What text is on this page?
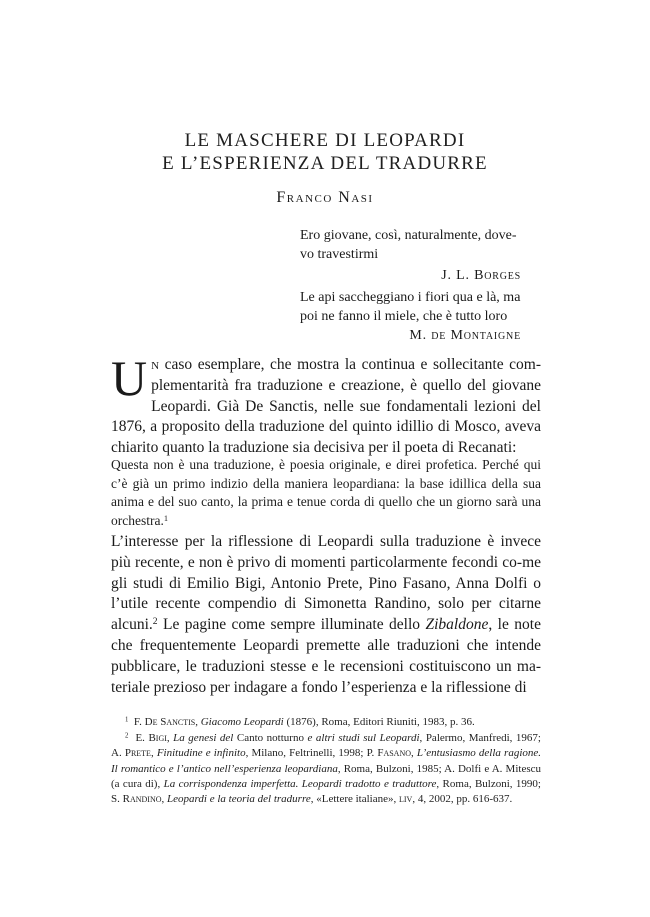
LE MASCHERE DI LEOPARDI
E L’ESPERIENZA DEL TRADURRE
Franco Nasi
Ero giovane, così, naturalmente, dove-
vo travestirmi
J. L. Borges
Le api saccheggiano i fiori qua e là, ma
poi ne fanno il miele, che è tutto loro
M. de Montaigne
Un caso esemplare, che mostra la continua e sollecitante com-plementarità fra traduzione e creazione, è quello del giovane Leopardi. Già De Sanctis, nelle sue fondamentali lezioni del 1876, a proposito della traduzione del quinto idillio di Mosco, aveva chiarito quanto la traduzione sia decisiva per il poeta di Recanati:
Questa non è una traduzione, è poesia originale, e direi profetica. Perché qui c’è già un primo indizio della maniera leopardiana: la base idillica della sua anima e del suo canto, la prima e tenue corda di quello che un giorno sarà una orchestra.$^1$
L’interesse per la riflessione di Leopardi sulla traduzione è invece più recente, e non è privo di momenti particolarmente fecondi co-me gli studi di Emilio Bigi, Antonio Prete, Pino Fasano, Anna Dolfi o l’utile recente compendio di Simonetta Randino, solo per citarne alcuni.$^2$ Le pagine come sempre illuminate dello Zibaldone, le note che frequentemente Leopardi premette alle traduzioni che intende pubblicare, le traduzioni stesse e le recensioni costituiscono un ma-teriale prezioso per indagare a fondo l’esperienza e la riflessione di
$^1$ F. De Sanctis, Giacomo Leopardi (1876), Roma, Editori Riuniti, 1983, p. 36.
$^2$ E. Bigi, La genesi del Canto notturno e altri studi sul Leopardi, Palermo, Manfredi, 1967; A. Prete, Finitudine e infinito, Milano, Feltrinelli, 1998; P. Fasano, L’entusiasmo della ragione. Il romantico e l’antico nell’esperienza leopardiana, Roma, Bulzoni, 1985; A. Dolfi e A. Mitescu (a cura di), La corrispondenza imperfetta. Leopardi tradotto e traduttore, Roma, Bulzoni, 1990; S. Randino, Leopardi e la teoria del tradurre, «Lettere italiane», liv, 4, 2002, pp. 616-637.
